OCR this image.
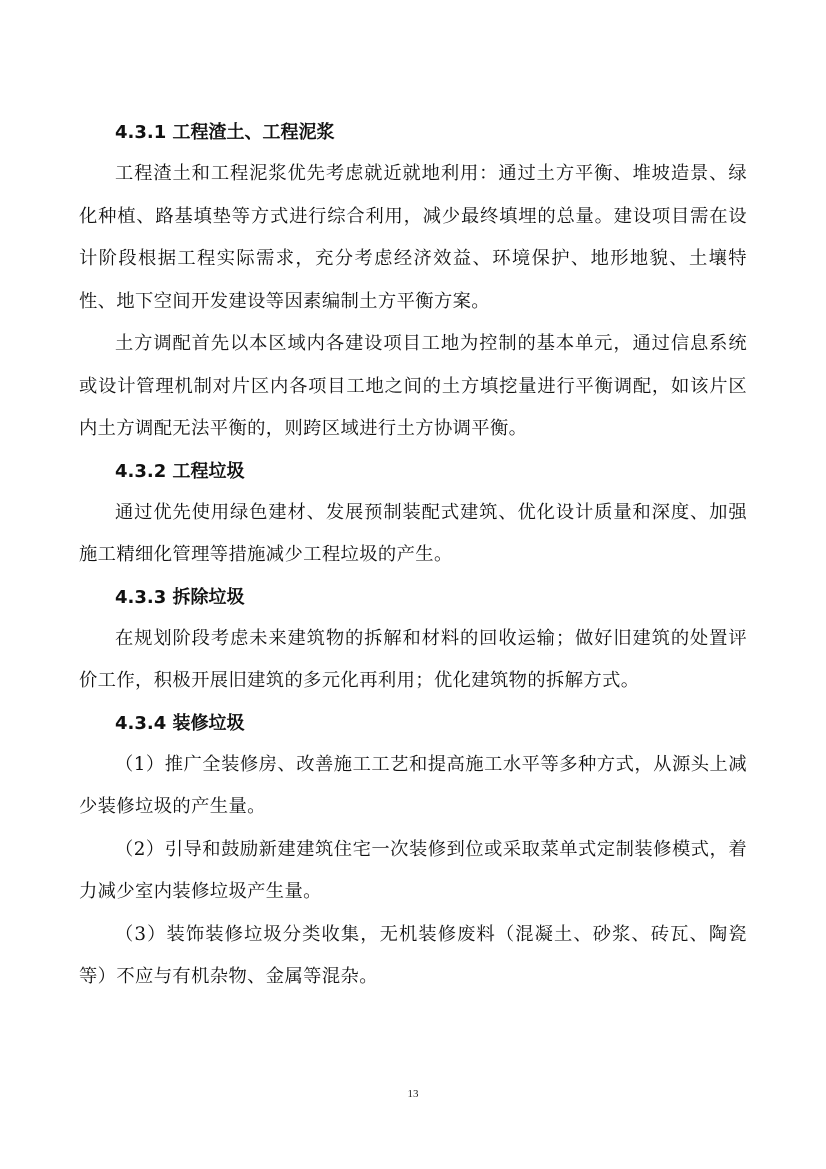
4.3.1 工程渣土、工程泥浆

工程渣土和工程泥浆优先考虑就近就地利用：通过土方平衡、堆坡造景、绿化种植、路基填垫等方式进行综合利用，减少最终填埋的总量。建设项目需在设计阶段根据工程实际需求，充分考虑经济效益、环境保护、地形地貌、土壤特性、地下空间开发建设等因素编制土方平衡方案。

土方调配首先以本区域内各建设项目工地为控制的基本单元，通过信息系统或设计管理机制对片区内各项目工地之间的土方填挖量进行平衡调配，如该片区内土方调配无法平衡的，则跨区域进行土方协调平衡。

4.3.2 工程垃圾

通过优先使用绿色建材、发展预制装配式建筑、优化设计质量和深度、加强施工精细化管理等措施减少工程垃圾的产生。

4.3.3 拆除垃圾

在规划阶段考虑未来建筑物的拆解和材料的回收运输；做好旧建筑的处置评价工作，积极开展旧建筑的多元化再利用；优化建筑物的拆解方式。

4.3.4 装修垃圾

（1）推广全装修房、改善施工工艺和提高施工水平等多种方式，从源头上减少装修垃圾的产生量。

（2）引导和鼓励新建建筑住宅一次装修到位或采取菜单式定制装修模式，着力减少室内装修垃圾产生量。

（3）装饰装修垃圾分类收集，无机装修废料（混凝土、砂浆、砖瓦、陶瓷等）不应与有机杂物、金属等混杂。

13
